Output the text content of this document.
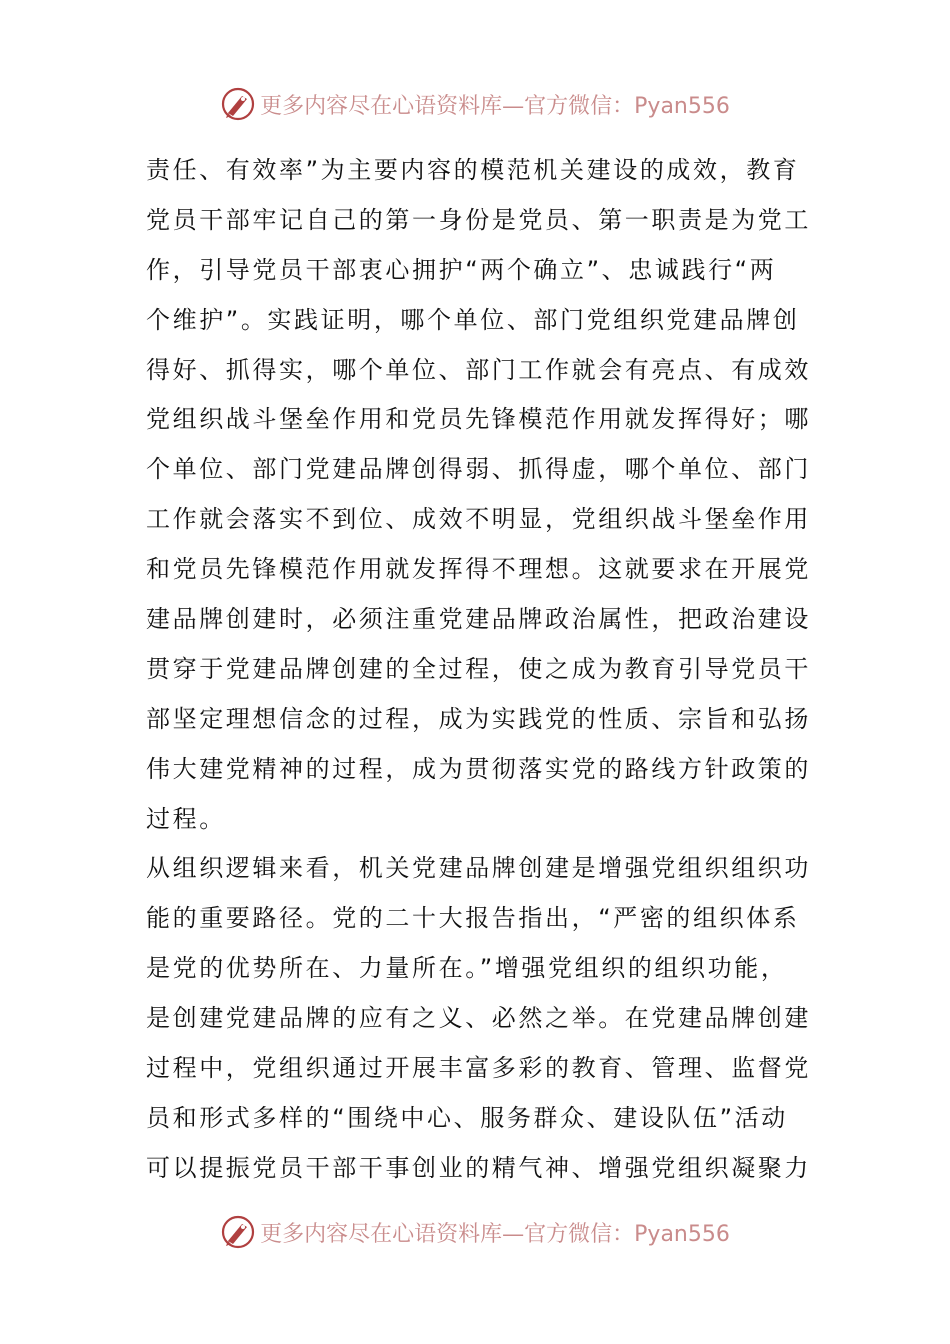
更多内容尽在心语资料库—官方微信：Pyan556
责任、有效率”为主要内容的模范机关建设的成效，教育
党员干部牢记自己的第一身份是党员、第一职责是为党工
作，引导党员干部衷心拥护“两个确立”、忠诚践行“两
个维护”。实践证明，哪个单位、部门党组织党建品牌创
得好、抓得实，哪个单位、部门工作就会有亮点、有成效
党组织战斗堡垒作用和党员先锋模范作用就发挥得好；哪
个单位、部门党建品牌创得弱、抓得虚，哪个单位、部门
工作就会落实不到位、成效不明显，党组织战斗堡垒作用
和党员先锋模范作用就发挥得不理想。这就要求在开展党
建品牌创建时，必须注重党建品牌政治属性，把政治建设
贯穿于党建品牌创建的全过程，使之成为教育引导党员干
部坚定理想信念的过程，成为实践党的性质、宗旨和弘扬
伟大建党精神的过程，成为贯彻落实党的路线方针政策的
过程。
从组织逻辑来看，机关党建品牌创建是增强党组织组织功
能的重要路径。党的二十大报告指出，“严密的组织体系
是党的优势所在、力量所在。”增强党组织的组织功能，
是创建党建品牌的应有之义、必然之举。在党建品牌创建
过程中，党组织通过开展丰富多彩的教育、管理、监督党
员和形式多样的“围绕中心、服务群众、建设队伍”活动
可以提振党员干部干事创业的精气神、增强党组织凝聚力
更多内容尽在心语资料库—官方微信：Pyan556
